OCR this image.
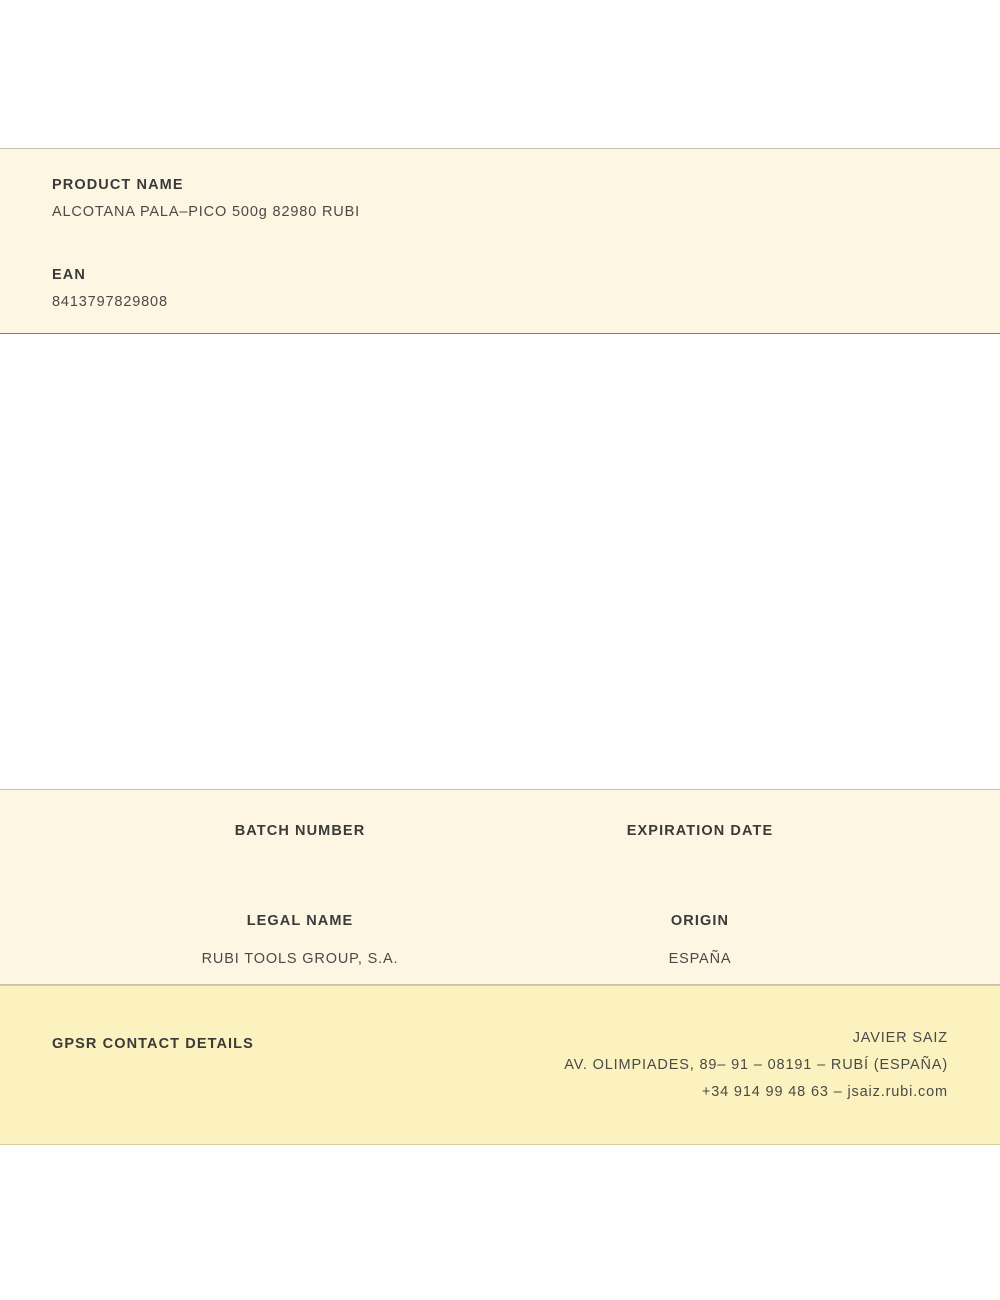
PRODUCT NAME

ALCOTANA PALA–PICO 500g 82980 RUBI

EAN

8413797829808

BATCH NUMBER	EXPIRATION DATE

LEGAL NAME

RUBI TOOLS GROUP, S.A.

ORIGIN

ESPAÑA

GPSR CONTACT DETAILS	JAVIER SAIZ

AV. OLIMPIADES, 89– 91 – 08191 – RUBÍ (ESPAÑA)

+34 914 99 48 63 – jsaiz.rubi.com
